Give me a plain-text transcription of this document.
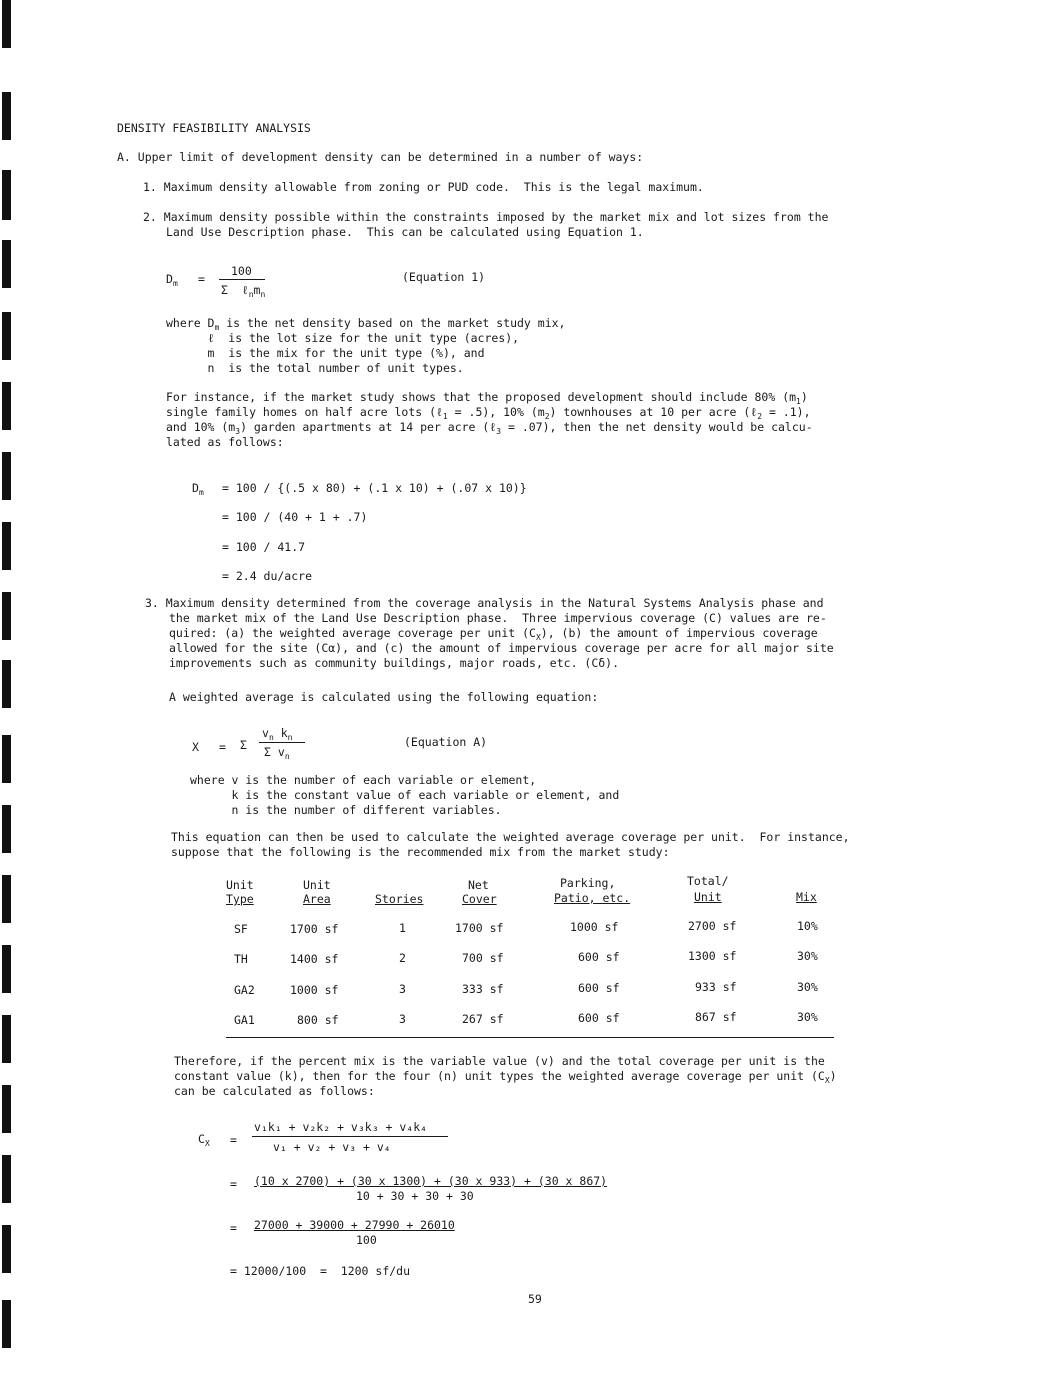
DENSITY FEASIBILITY ANALYSIS
A. Upper limit of development density can be determined in a number of ways:
1. Maximum density allowable from zoning or PUD code.  This is the legal maximum.
2. Maximum density possible within the constraints imposed by the market mix and lot sizes from the
Land Use Description phase.  This can be calculated using Equation 1.
$D_m$ =
100
Σ $\ell_nm_n$
(Equation 1)
where $D_m$ is the net density based on the market study mix,
ℓ  is the lot size for the unit type (acres),
m  is the mix for the unit type (%), and
n  is the total number of unit types.
For instance, if the market study shows that the proposed development should include 80% $(m_1)$
single family homes on half acre lots (ℓ$_1$ = .5), 10% $(m_2)$ townhouses at 10 per acre (ℓ$_2$ = .1),
and 10% $(m_3)$ garden apartments at 14 per acre (ℓ$_3$ = .07), then the net density would be calcu-
lated as follows:
$D_m = 100 / \{(.5$ x 80) + (.1 x 10) + (.07 x 10)}
= 100 / (40 + 1 + .7)
= 100 / 41.7
= 2.4 du/acre
3. Maximum density determined from the coverage analysis in the Natural Systems Analysis phase and
the market mix of the Land Use Description phase.  Three impervious coverage (C) values are re-
quired: (a) the weighted average coverage per unit $(C_X)$, (b) the amount of impervious coverage
allowed for the site (Cα), and (c) the amount of impervious coverage per acre for all major site
improvements such as community buildings, major roads, etc. (Cδ).
A weighted average is calculated using the following equation:
X = Σ
$v_n$ $k_n$
Σ $v_n$
(Equation A)
where v is the number of each variable or element,
k is the constant value of each variable or element, and
n is the number of different variables.
This equation can then be used to calculate the weighted average coverage per unit.  For instance,
suppose that the following is the recommended mix from the market study:
Unit	Unit	Net	Parking,	Total/
Type	Area	Stories	Cover	Patio, etc.	Unit	Mix
SF	1700 sf	1	1700 sf	1000 sf	2700 sf	10%
TH	1400 sf	2	700 sf	600 sf	1300 sf	30%
GA2	1000 sf	3	333 sf	600 sf	933 sf	30%
GA1	800 sf	3	267 sf	600 sf	867 sf	30%
Therefore, if the percent mix is the variable value (v) and the total coverage per unit is the
constant value (k), then for the four (n) unit types the weighted average coverage per unit $(C_X)$
can be calculated as follows:
$C_X$ =
v₁k₁ + v₂k₂ + v₃k₃ + v₄k₄
v₁ + v₂ + v₃ + v₄
= (10 x 2700) + (30 x 1300) + (30 x 933) + (30 x 867)
10 + 30 + 30 + 30
= 27000 + 39000 + 27990 + 26010
100
= 12000/100  =  1200 sf/du
59
